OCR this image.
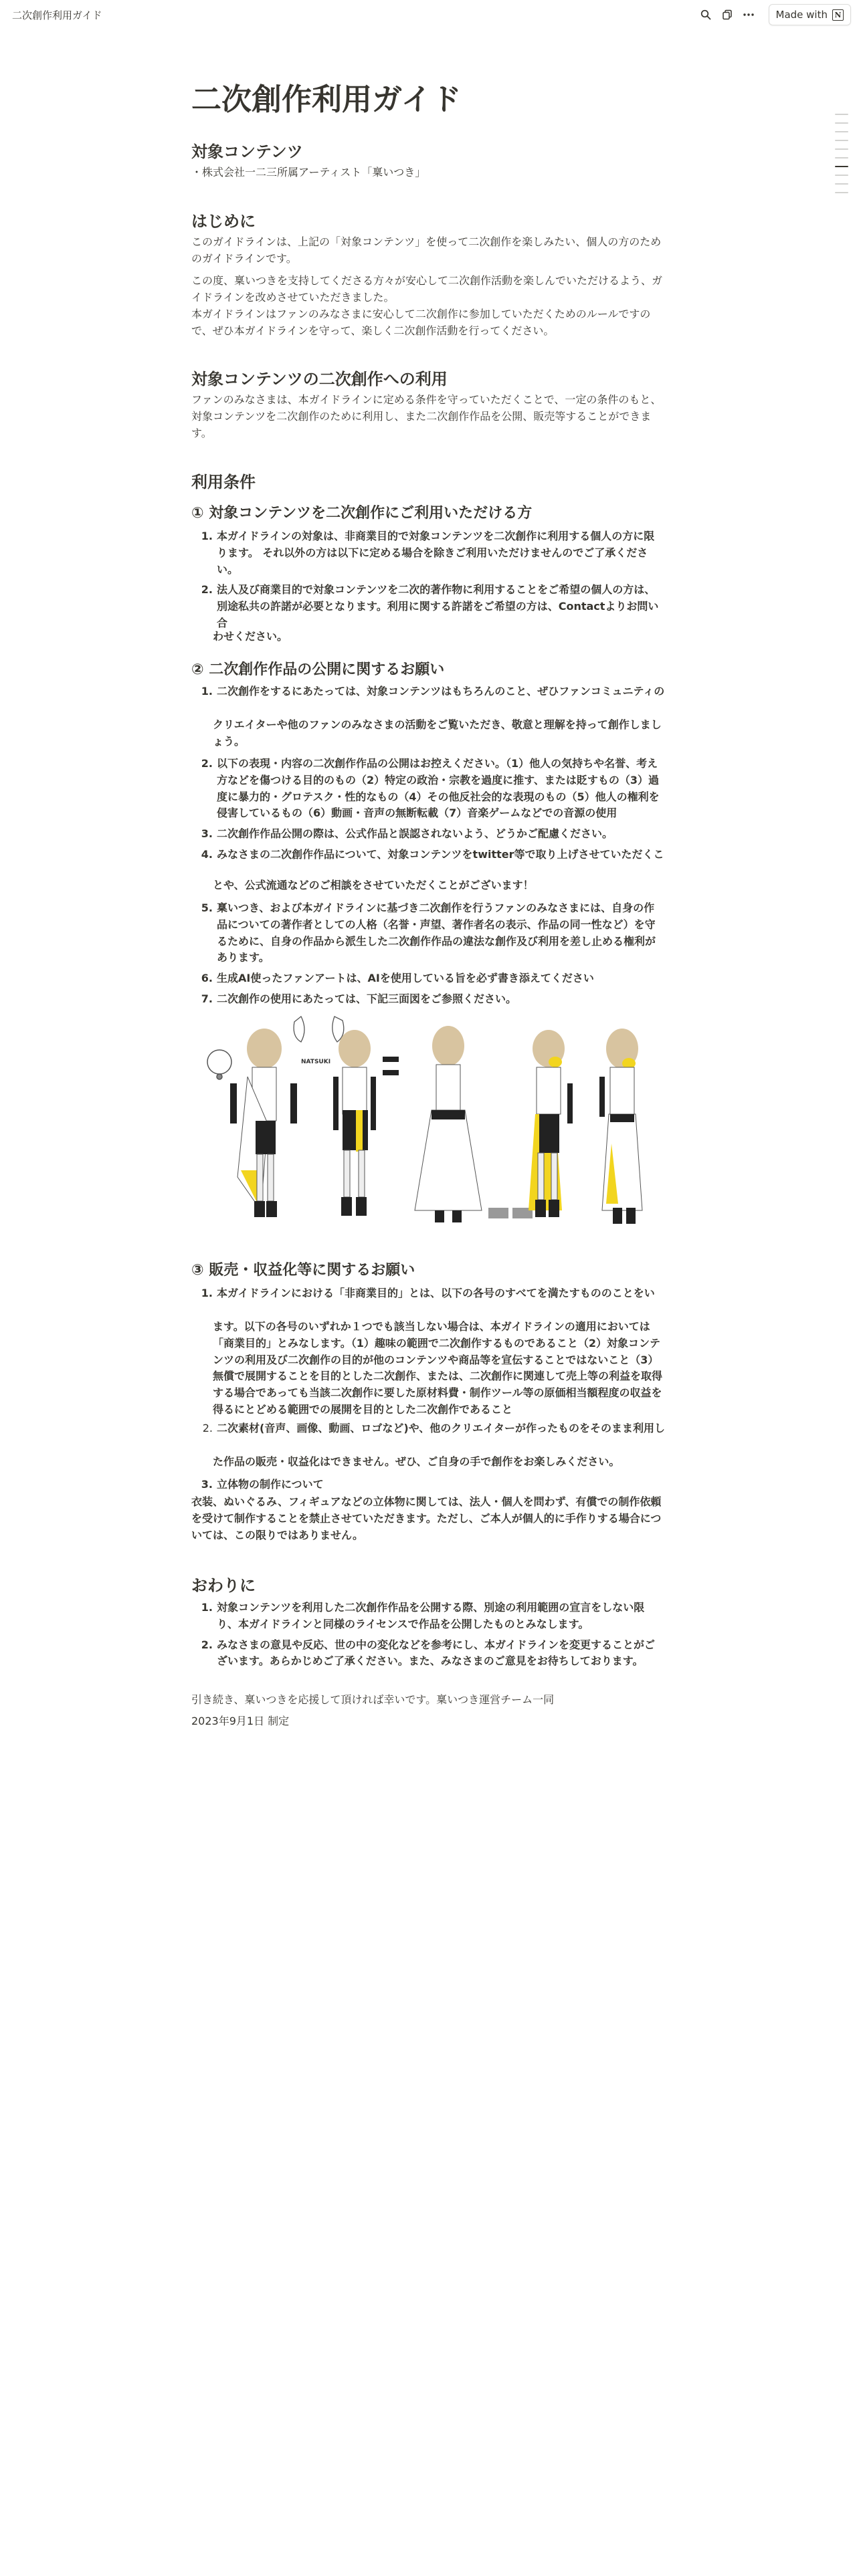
二次創作利用ガイド	Made with N
二次創作利用ガイド
対象コンテンツ

・株式会社一二三所属アーティスト「稟いつき」

はじめに

このガイドラインは、上記の「対象コンテンツ」を使って二次創作を楽しみたい、個人の方のためのガイドラインです。

この度、稟いつきを支持してくださる方々が安心して二次創作活動を楽しんでいただけるよう、ガイドラインを改めさせていただきました。

本ガイドラインはファンのみなさまに安心して二次創作に参加していただくためのルールですので、ぜひ本ガイドラインを守って、楽しく二次創作活動を行ってください。

対象コンテンツの二次創作への利用

ファンのみなさまは、本ガイドラインに定める条件を守っていただくことで、一定の条件のもと、対象コンテンツを二次創作のために利用し、また二次創作作品を公開、販売等することができます。

利用条件
① 対象コンテンツを二次創作にご利用いただける方
1. 本ガイドラインの対象は、非商業目的で対象コンテンツを二次創作に利用する個人の方に限ります。 それ以外の方は以下に定める場合を除きご利用いただけませんのでご了承ください。
2. 法人及び商業目的で対象コンテンツを二次的著作物に利用することをご希望の個人の方は、別途私共の許諾が必要となります。利用に関する許諾をご希望の方は、Contactよりお問い合
わせください。
② 二次創作作品の公開に関するお願い
1. 二次創作をするにあたっては、対象コンテンツはもちろんのこと、ぜひファンコミュニティの
クリエイターや他のファンのみなさまの活動をご覧いただき、敬意と理解を持って創作しましょう。
2. 以下の表現・内容の二次創作作品の公開はお控えください。（1）他人の気持ちや名誉、考え方などを傷つける目的のもの（2）特定の政治・宗教を過度に推す、または貶すもの（3）過度に暴力的・グロテスク・性的なもの（4）その他反社会的な表現のもの（5）他人の権利を侵害しているもの（6）動画・音声の無断転載（7）音楽ゲームなどでの音源の使用
3. 二次創作作品公開の際は、公式作品と誤認されないよう、どうかご配慮ください。
4. みなさまの二次創作作品について、対象コンテンツをtwitter等で取り上げさせていただくこ
とや、公式流通などのご相談をさせていただくことがございます！
5. 稟いつき、および本ガイドラインに基づき二次創作を行うファンのみなさまには、自身の作品についての著作者としての人格（名誉・声望、著作者名の表示、作品の同一性など）を守るために、自身の作品から派生した二次創作作品の違法な創作及び利用を差し止める権利があります。
6. 生成AI使ったファンアートは、AIを使用している旨を必ず書き添えてください
7. 二次創作の使用にあたっては、下記三面図をご参照ください。
NATSUKI
③ 販売・収益化等に関するお願い
1. 本ガイドラインにおける「非商業目的」とは、以下の各号のすべてを満たすもののことをい
ます。以下の各号のいずれか１つでも該当しない場合は、本ガイドラインの適用においては「商業目的」とみなします。（1）趣味の範囲で二次創作するものであること（2）対象コンテンツの利用及び二次創作の目的が他のコンテンツや商品等を宣伝することではないこと（3）無償で展開することを目的とした二次創作、または、二次創作に関連して売上等の利益を取得する場合であっても当該二次創作に要した原材料費・制作ツール等の原価相当額程度の収益を得るにとどめる範囲での展開を目的とした二次創作であること
2. 二次素材(音声、画像、動画、ロゴなど)や、他のクリエイターが作ったものをそのまま利用し
た作品の販売・収益化はできません。ぜひ、ご自身の手で創作をお楽しみください。
3. 立体物の制作について
衣装、ぬいぐるみ、フィギュアなどの立体物に関しては、法人・個人を問わず、有償での制作依頼を受けて制作することを禁止させていただきます。ただし、ご本人が個人的に手作りする場合については、この限りではありません。
おわりに
1. 対象コンテンツを利用した二次創作作品を公開する際、別途の利用範囲の宣言をしない限り、本ガイドラインと同様のライセンスで作品を公開したものとみなします。
2. みなさまの意見や反応、世の中の変化などを参考にし、本ガイドラインを変更することがございます。あらかじめご了承ください。また、みなさまのご意見をお待ちしております。

引き続き、稟いつきを応援して頂ければ幸いです。稟いつき運営チーム一同

2023年9月1日 制定
